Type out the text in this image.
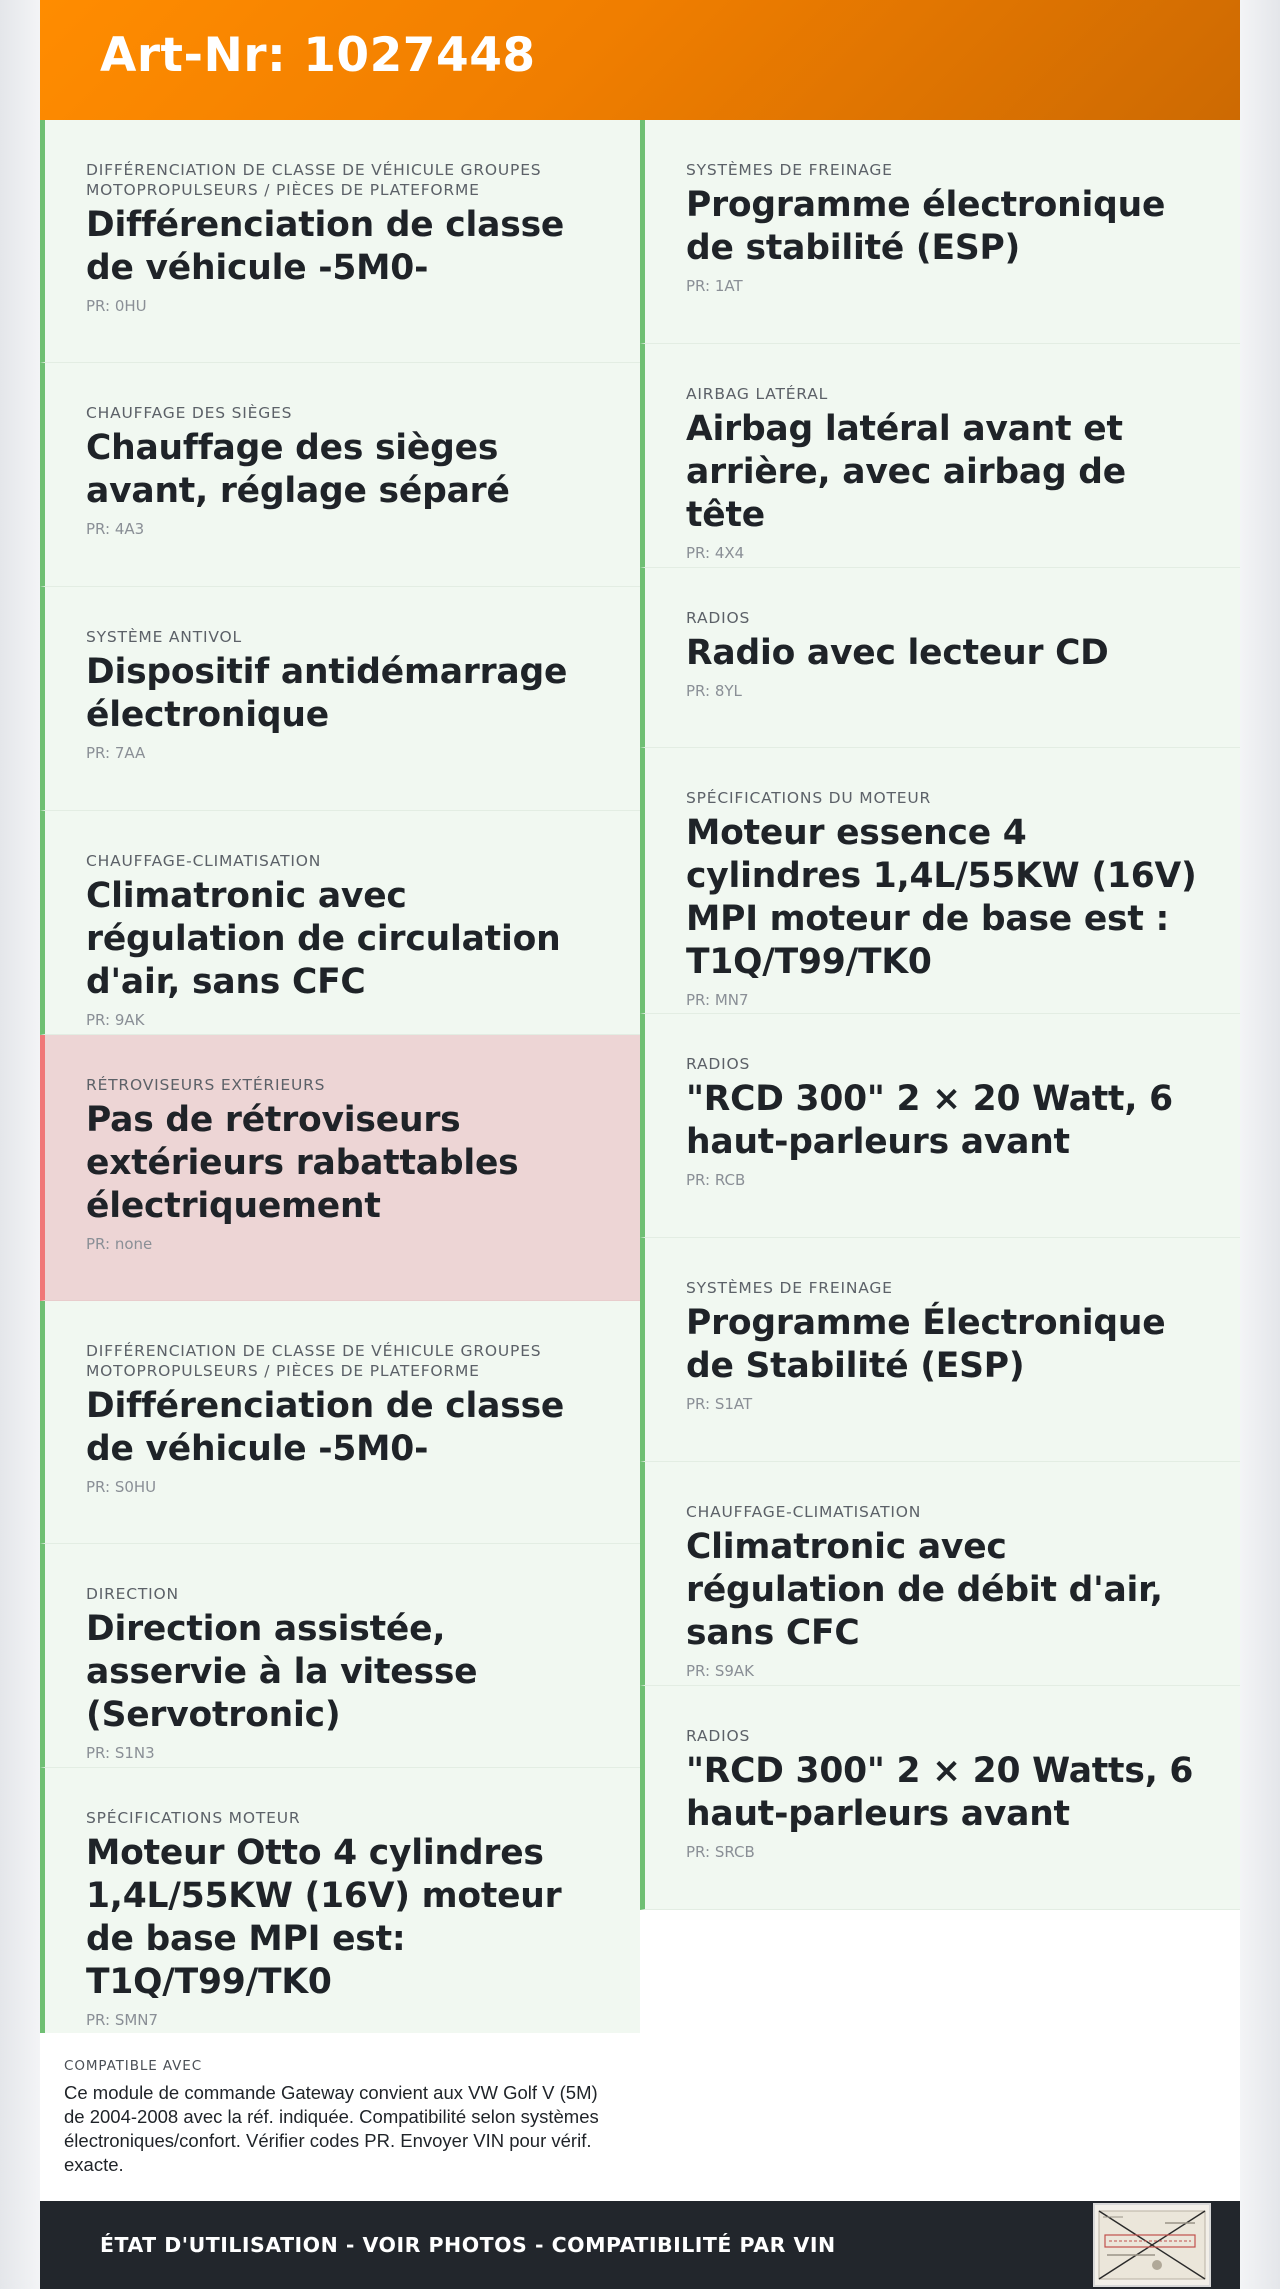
Art-Nr: 1027448

DIFFÉRENCIATION DE CLASSE DE VÉHICULE GROUPES MOTOPROPULSEURS / PIÈCES DE PLATEFORME

Différenciation de classe de véhicule -5M0-

PR: 0HU

CHAUFFAGE DES SIÈGES

Chauffage des sièges avant, réglage séparé

PR: 4A3

SYSTÈME ANTIVOL

Dispositif antidémarrage électronique

PR: 7AA

CHAUFFAGE-CLIMATISATION

Climatronic avec régulation de circulation d'air, sans CFC

PR: 9AK

RÉTROVISEURS EXTÉRIEURS

Pas de rétroviseurs extérieurs rabattables électriquement

PR: none

DIFFÉRENCIATION DE CLASSE DE VÉHICULE GROUPES MOTOPROPULSEURS / PIÈCES DE PLATEFORME

Différenciation de classe de véhicule -5M0-

PR: S0HU

DIRECTION

Direction assistée, asservie à la vitesse (Servotronic)

PR: S1N3

SPÉCIFICATIONS MOTEUR

Moteur Otto 4 cylindres 1,4L/55KW (16V) moteur de base MPI est: T1Q/T99/TK0

PR: SMN7

SYSTÈMES DE FREINAGE

Programme électronique de stabilité (ESP)

PR: 1AT

AIRBAG LATÉRAL

Airbag latéral avant et arrière, avec airbag de tête

PR: 4X4

RADIOS

Radio avec lecteur CD

PR: 8YL

SPÉCIFICATIONS DU MOTEUR

Moteur essence 4 cylindres 1,4L/55KW (16V) MPI moteur de base est : T1Q/T99/TK0

PR: MN7

RADIOS

"RCD 300" 2 × 20 Watt, 6 haut-parleurs avant

PR: RCB

SYSTÈMES DE FREINAGE

Programme Électronique de Stabilité (ESP)

PR: S1AT

CHAUFFAGE-CLIMATISATION

Climatronic avec régulation de débit d'air, sans CFC

PR: S9AK

RADIOS

"RCD 300" 2 × 20 Watts, 6 haut-parleurs avant

PR: SRCB

COMPATIBLE AVEC

Ce module de commande Gateway convient aux VW Golf V (5M) de 2004-2008 avec la réf. indiquée. Compatibilité selon systèmes électroniques/confort. Vérifier codes PR. Envoyer VIN pour vérif. exacte.

ÉTAT D'UTILISATION - VOIR PHOTOS - COMPATIBILITÉ PAR VIN
